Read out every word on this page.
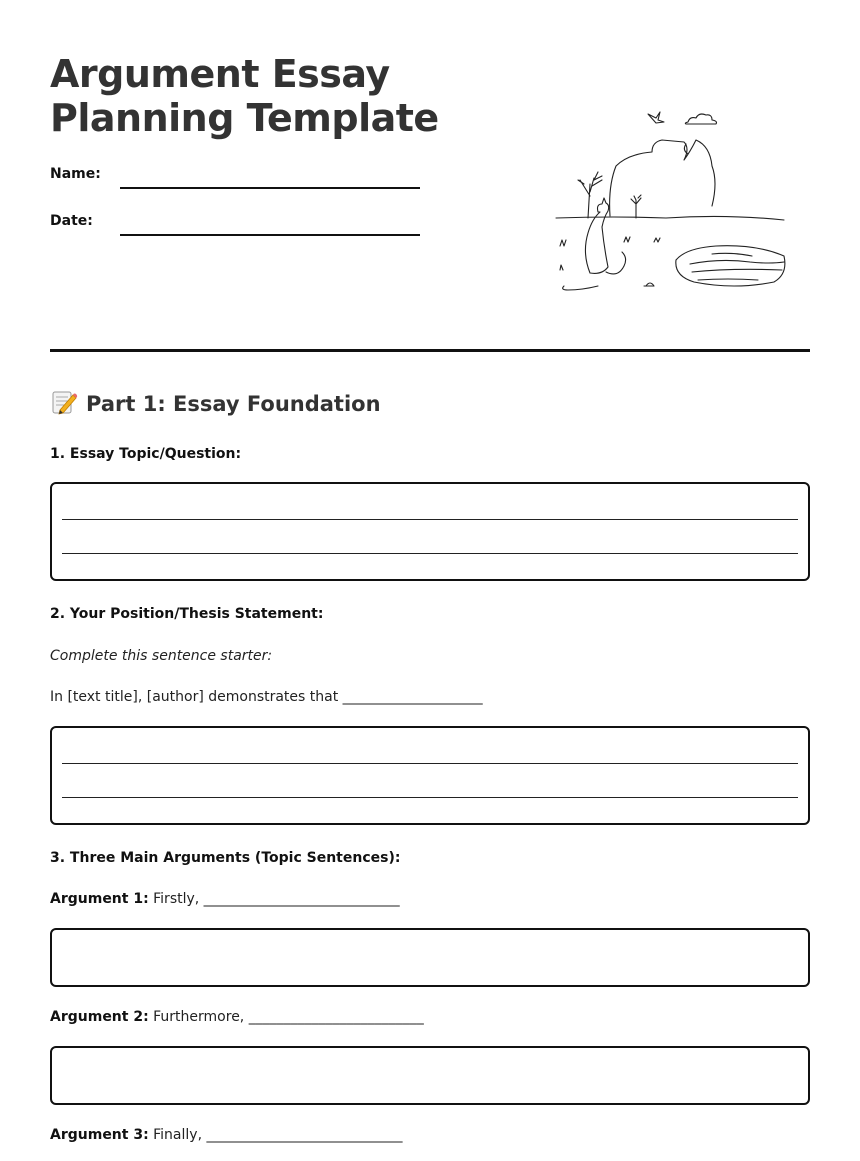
Argument Essay
Planning Template
Name:
Date:
Part 1: Essay Foundation
1. Essay Topic/Question:
2. Your Position/Thesis Statement:
Complete this sentence starter:
In [text title], [author] demonstrates that ____________________
3. Three Main Arguments (Topic Sentences):
Argument 1: Firstly, ____________________________
Argument 2: Furthermore, _________________________
Argument 3: Finally, ____________________________
